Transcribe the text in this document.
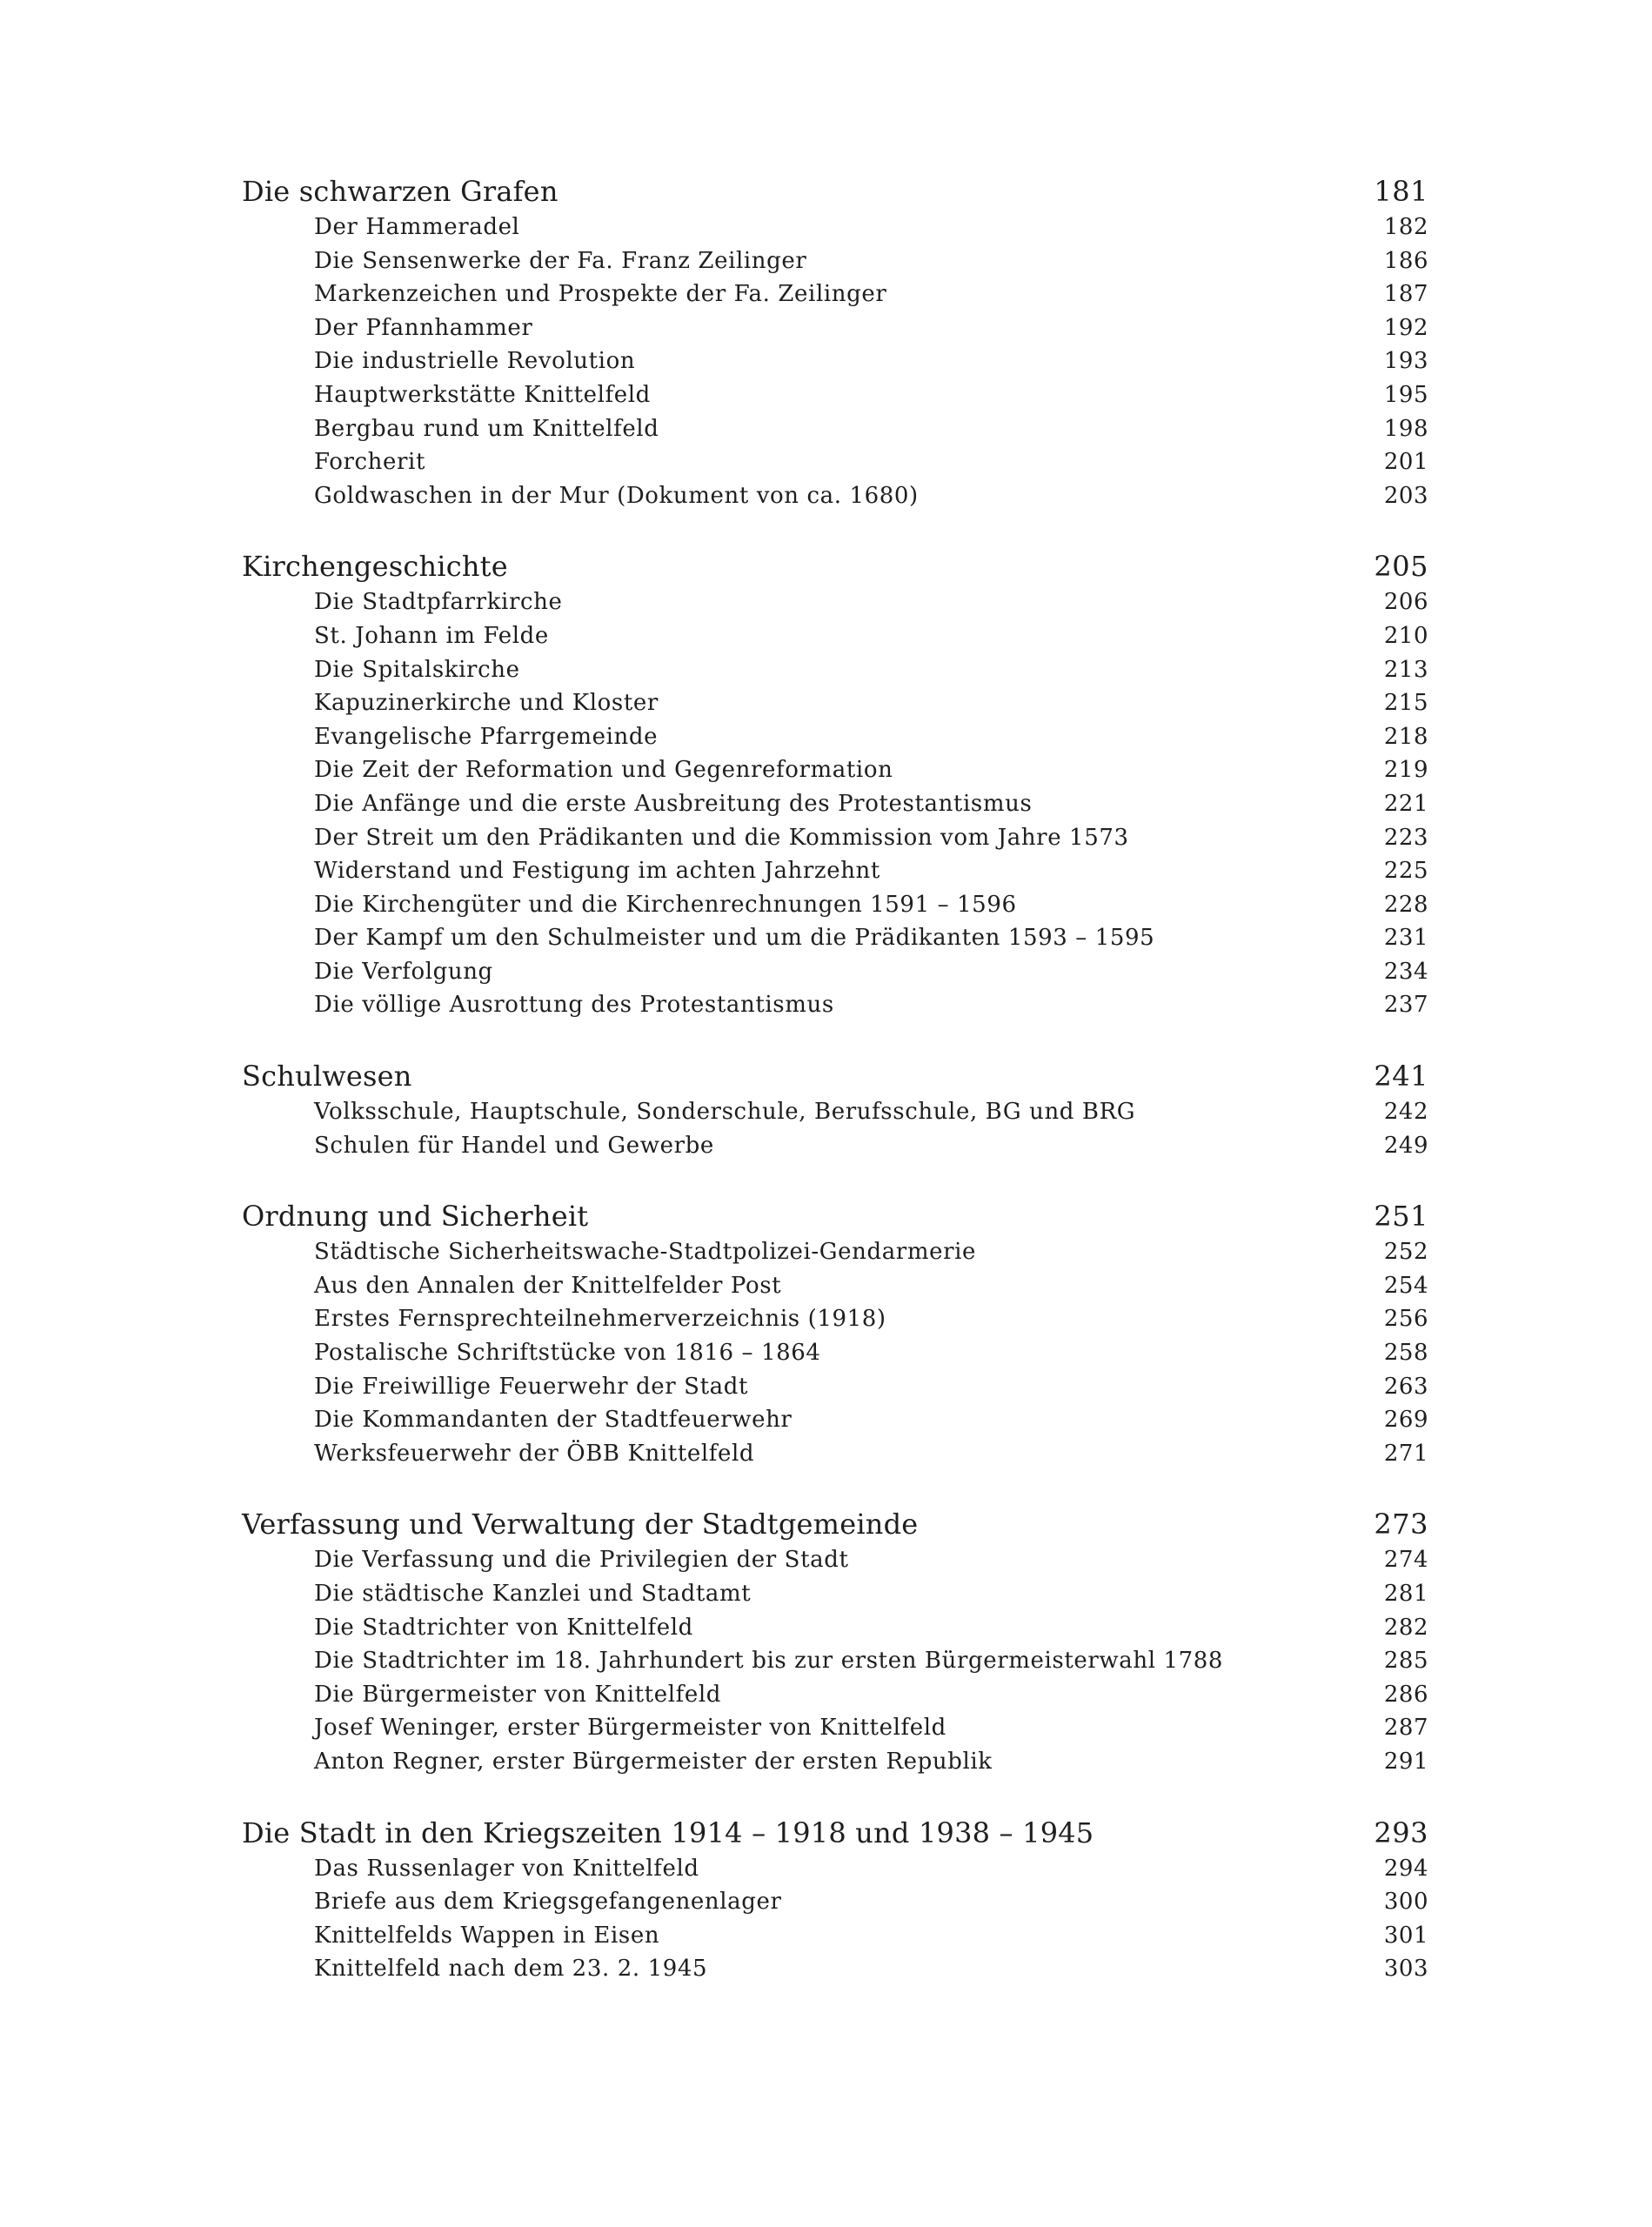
Die schwarzen Grafen	181
Der Hammeradel	182
Die Sensenwerke der Fa. Franz Zeilinger	186
Markenzeichen und Prospekte der Fa. Zeilinger	187
Der Pfannhammer	192
Die industrielle Revolution	193
Hauptwerkstätte Knittelfeld	195
Bergbau rund um Knittelfeld	198
Forcherit	201
Goldwaschen in der Mur (Dokument von ca. 1680)	203
Kirchengeschichte	205
Die Stadtpfarrkirche	206
St. Johann im Felde	210
Die Spitalskirche	213
Kapuzinerkirche und Kloster	215
Evangelische Pfarrgemeinde	218
Die Zeit der Reformation und Gegenreformation	219
Die Anfänge und die erste Ausbreitung des Protestantismus	221
Der Streit um den Prädikanten und die Kommission vom Jahre 1573	223
Widerstand und Festigung im achten Jahrzehnt	225
Die Kirchengüter und die Kirchenrechnungen 1591 – 1596	228
Der Kampf um den Schulmeister und um die Prädikanten 1593 – 1595	231
Die Verfolgung	234
Die völlige Ausrottung des Protestantismus	237
Schulwesen	241
Volksschule, Hauptschule, Sonderschule, Berufsschule, BG und BRG	242
Schulen für Handel und Gewerbe	249
Ordnung und Sicherheit	251
Städtische Sicherheitswache-Stadtpolizei-Gendarmerie	252
Aus den Annalen der Knittelfelder Post	254
Erstes Fernsprechteilnehmerverzeichnis (1918)	256
Postalische Schriftstücke von 1816 – 1864	258
Die Freiwillige Feuerwehr der Stadt	263
Die Kommandanten der Stadtfeuerwehr	269
Werksfeuerwehr der ÖBB Knittelfeld	271
Verfassung und Verwaltung der Stadtgemeinde	273
Die Verfassung und die Privilegien der Stadt	274
Die städtische Kanzlei und Stadtamt	281
Die Stadtrichter von Knittelfeld	282
Die Stadtrichter im 18. Jahrhundert bis zur ersten Bürgermeisterwahl 1788	285
Die Bürgermeister von Knittelfeld	286
Josef Weninger, erster Bürgermeister von Knittelfeld	287
Anton Regner, erster Bürgermeister der ersten Republik	291
Die Stadt in den Kriegszeiten 1914 – 1918 und 1938 – 1945	293
Das Russenlager von Knittelfeld	294
Briefe aus dem Kriegsgefangenenlager	300
Knittelfelds Wappen in Eisen	301
Knittelfeld nach dem 23. 2. 1945	303
